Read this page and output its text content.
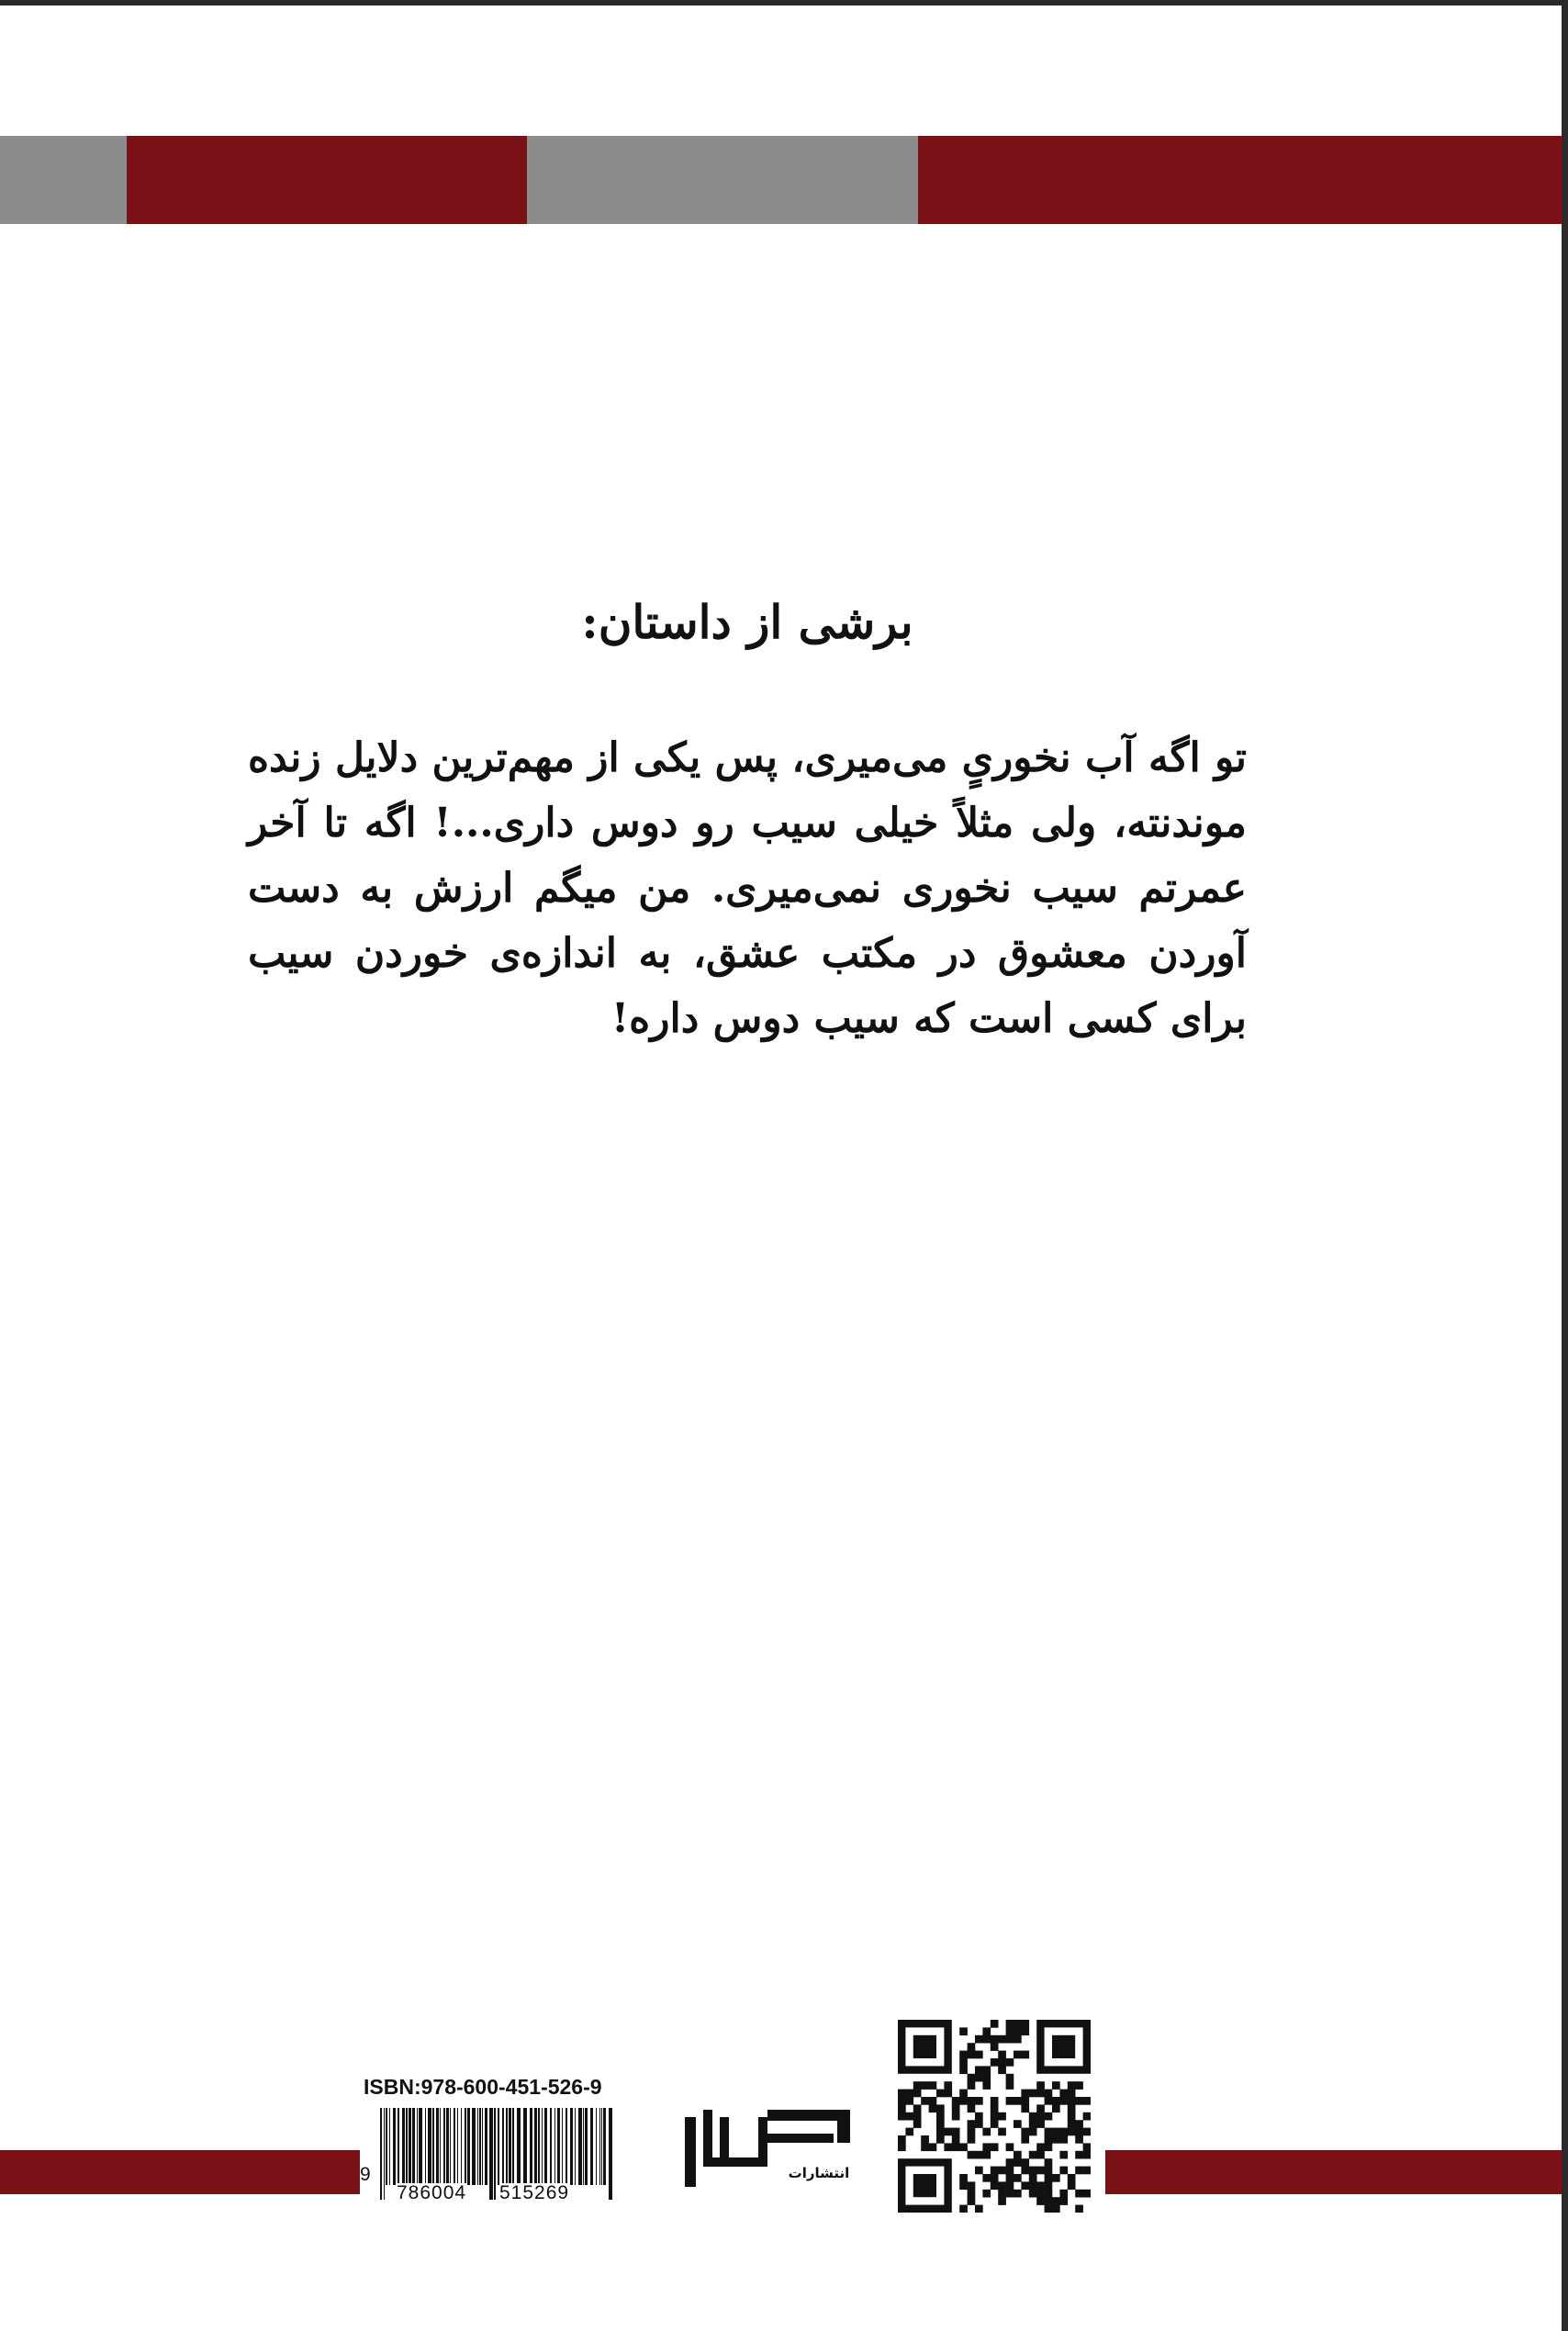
برشی از داستان:
تو اگه آب نخوریٍ می‌میری، پس یکی از مهم‌ترین دلایل زنده موندنته، ولی مثلاً خیلی سیب رو دوس داری...! اگه تا آخر عمرتم سیب نخوری نمی‌میری. من میگم ارزش به دست آوردن معشوق در مکتب عشق، به اندازه‌ی خوردن سیب برای کسی است که سیب دوس داره!
ISBN:978-600-451-526-9
9
786004 515269
انتشارات
